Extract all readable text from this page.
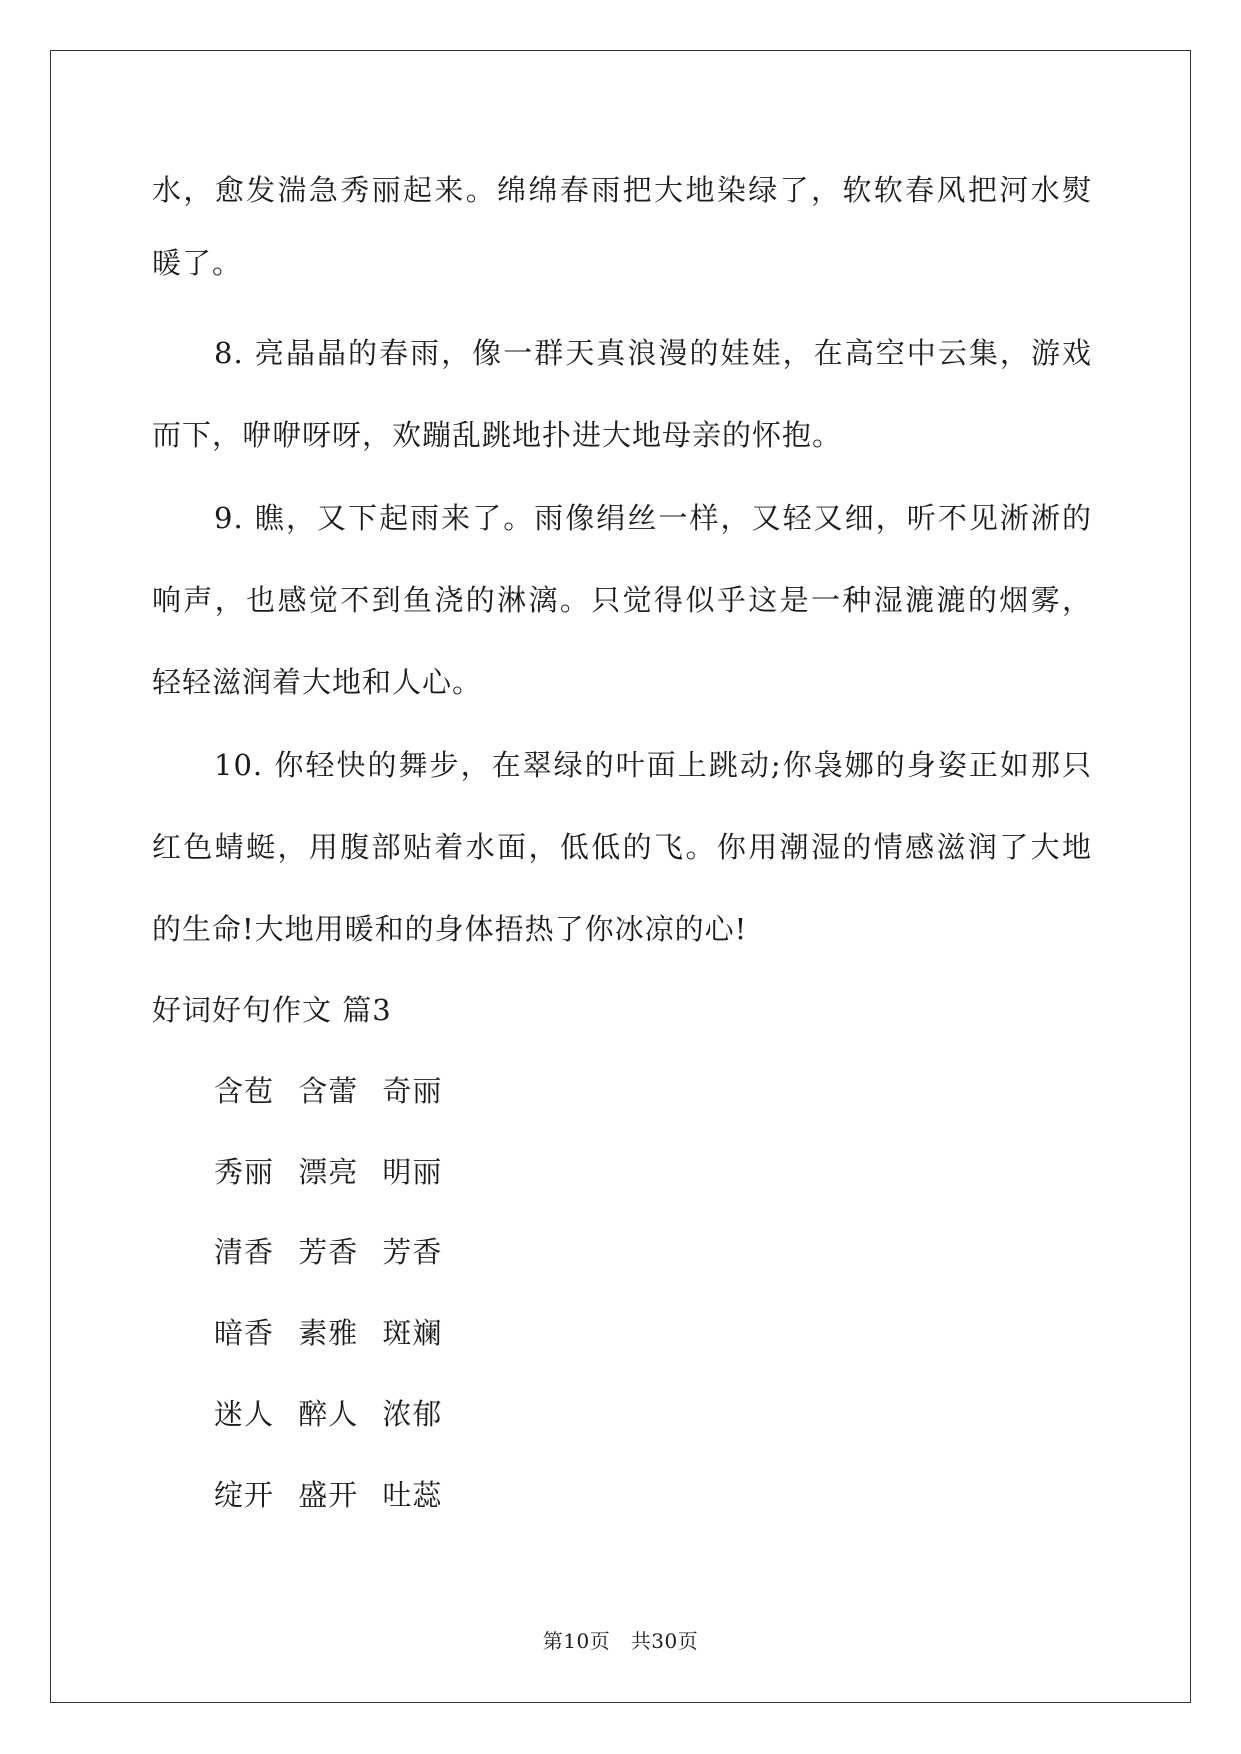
水，愈发湍急秀丽起来。绵绵春雨把大地染绿了，软软春风把河水熨
暖了。
8. 亮晶晶的春雨，像一群天真浪漫的娃娃，在高空中云集，游戏
而下，咿咿呀呀，欢蹦乱跳地扑进大地母亲的怀抱。
9. 瞧，又下起雨来了。雨像绢丝一样，又轻又细，听不见淅淅的
响声，也感觉不到鱼浇的淋漓。只觉得似乎这是一种湿漉漉的烟雾，
轻轻滋润着大地和人心。
10. 你轻快的舞步，在翠绿的叶面上跳动;你袅娜的身姿正如那只
红色蜻蜓，用腹部贴着水面，低低的飞。你用潮湿的情感滋润了大地
的生命!大地用暖和的身体捂热了你冰凉的心!
好词好句作文 篇3
含苞 含蕾 奇丽
秀丽 漂亮 明丽
清香 芳香 芳香
暗香 素雅 斑斓
迷人 醉人 浓郁
绽开 盛开 吐蕊
第10页　共30页
